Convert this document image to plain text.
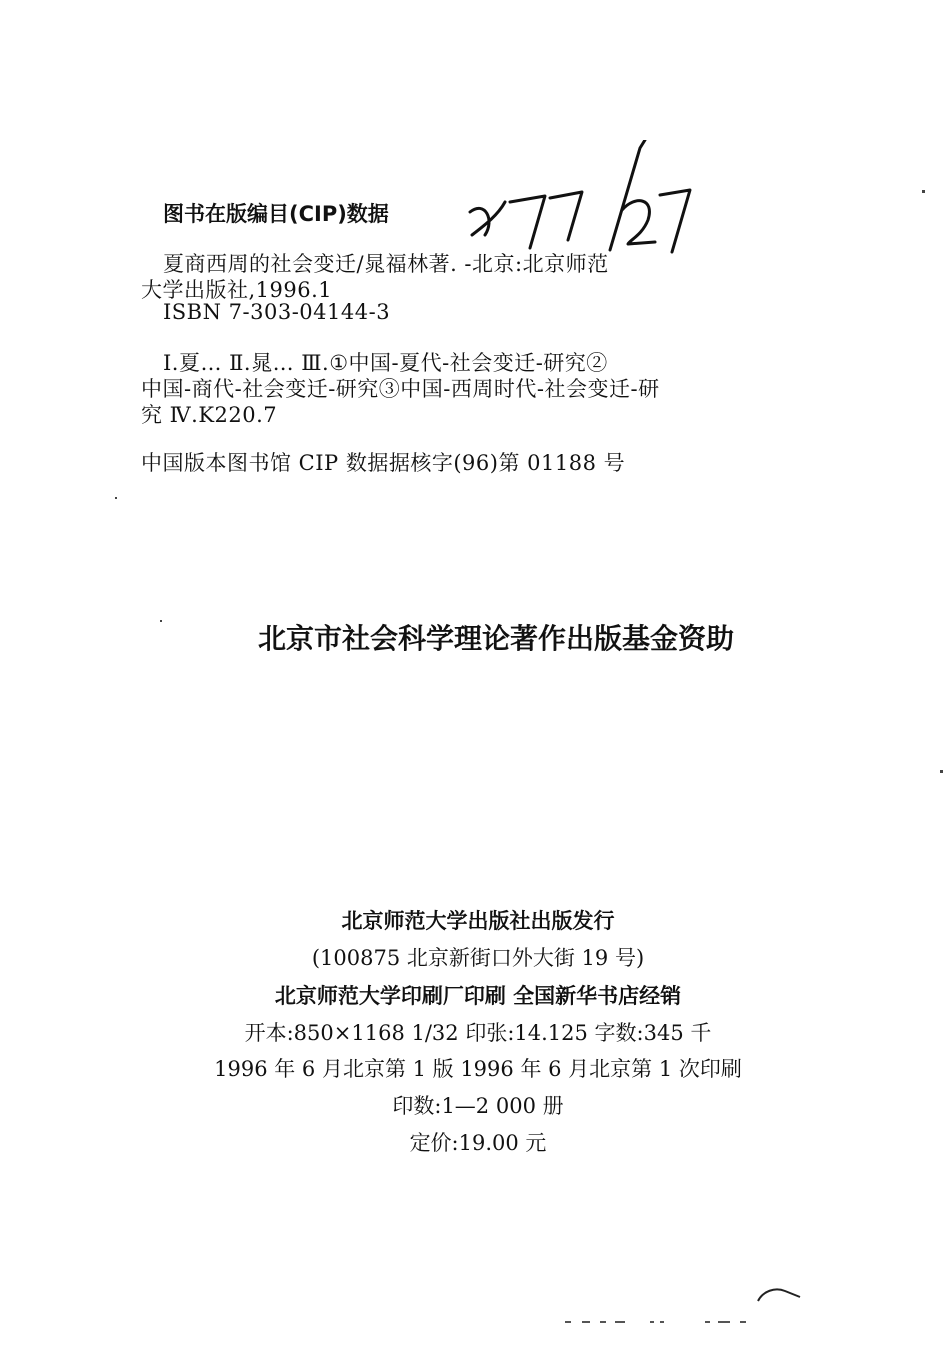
图书在版编目(CIP)数据
夏商西周的社会变迁/晁福林著. -北京:北京师范
大学出版社,1996.1
ISBN 7-303-04144-3
Ⅰ.夏… Ⅱ.晁… Ⅲ.①中国-夏代-社会变迁-研究②
中国-商代-社会变迁-研究③中国-西周时代-社会变迁-研
究 Ⅳ.K220.7
中国版本图书馆 CIP 数据据核字(96)第 01188 号
北京市社会科学理论著作出版基金资助
北京师范大学出版社出版发行
(100875 北京新街口外大街 19 号)
北京师范大学印刷厂印刷 全国新华书店经销
开本:850×1168 1/32 印张:14.125 字数:345 千
1996 年 6 月北京第 1 版 1996 年 6 月北京第 1 次印刷
印数:1—2 000 册
定价:19.00 元
